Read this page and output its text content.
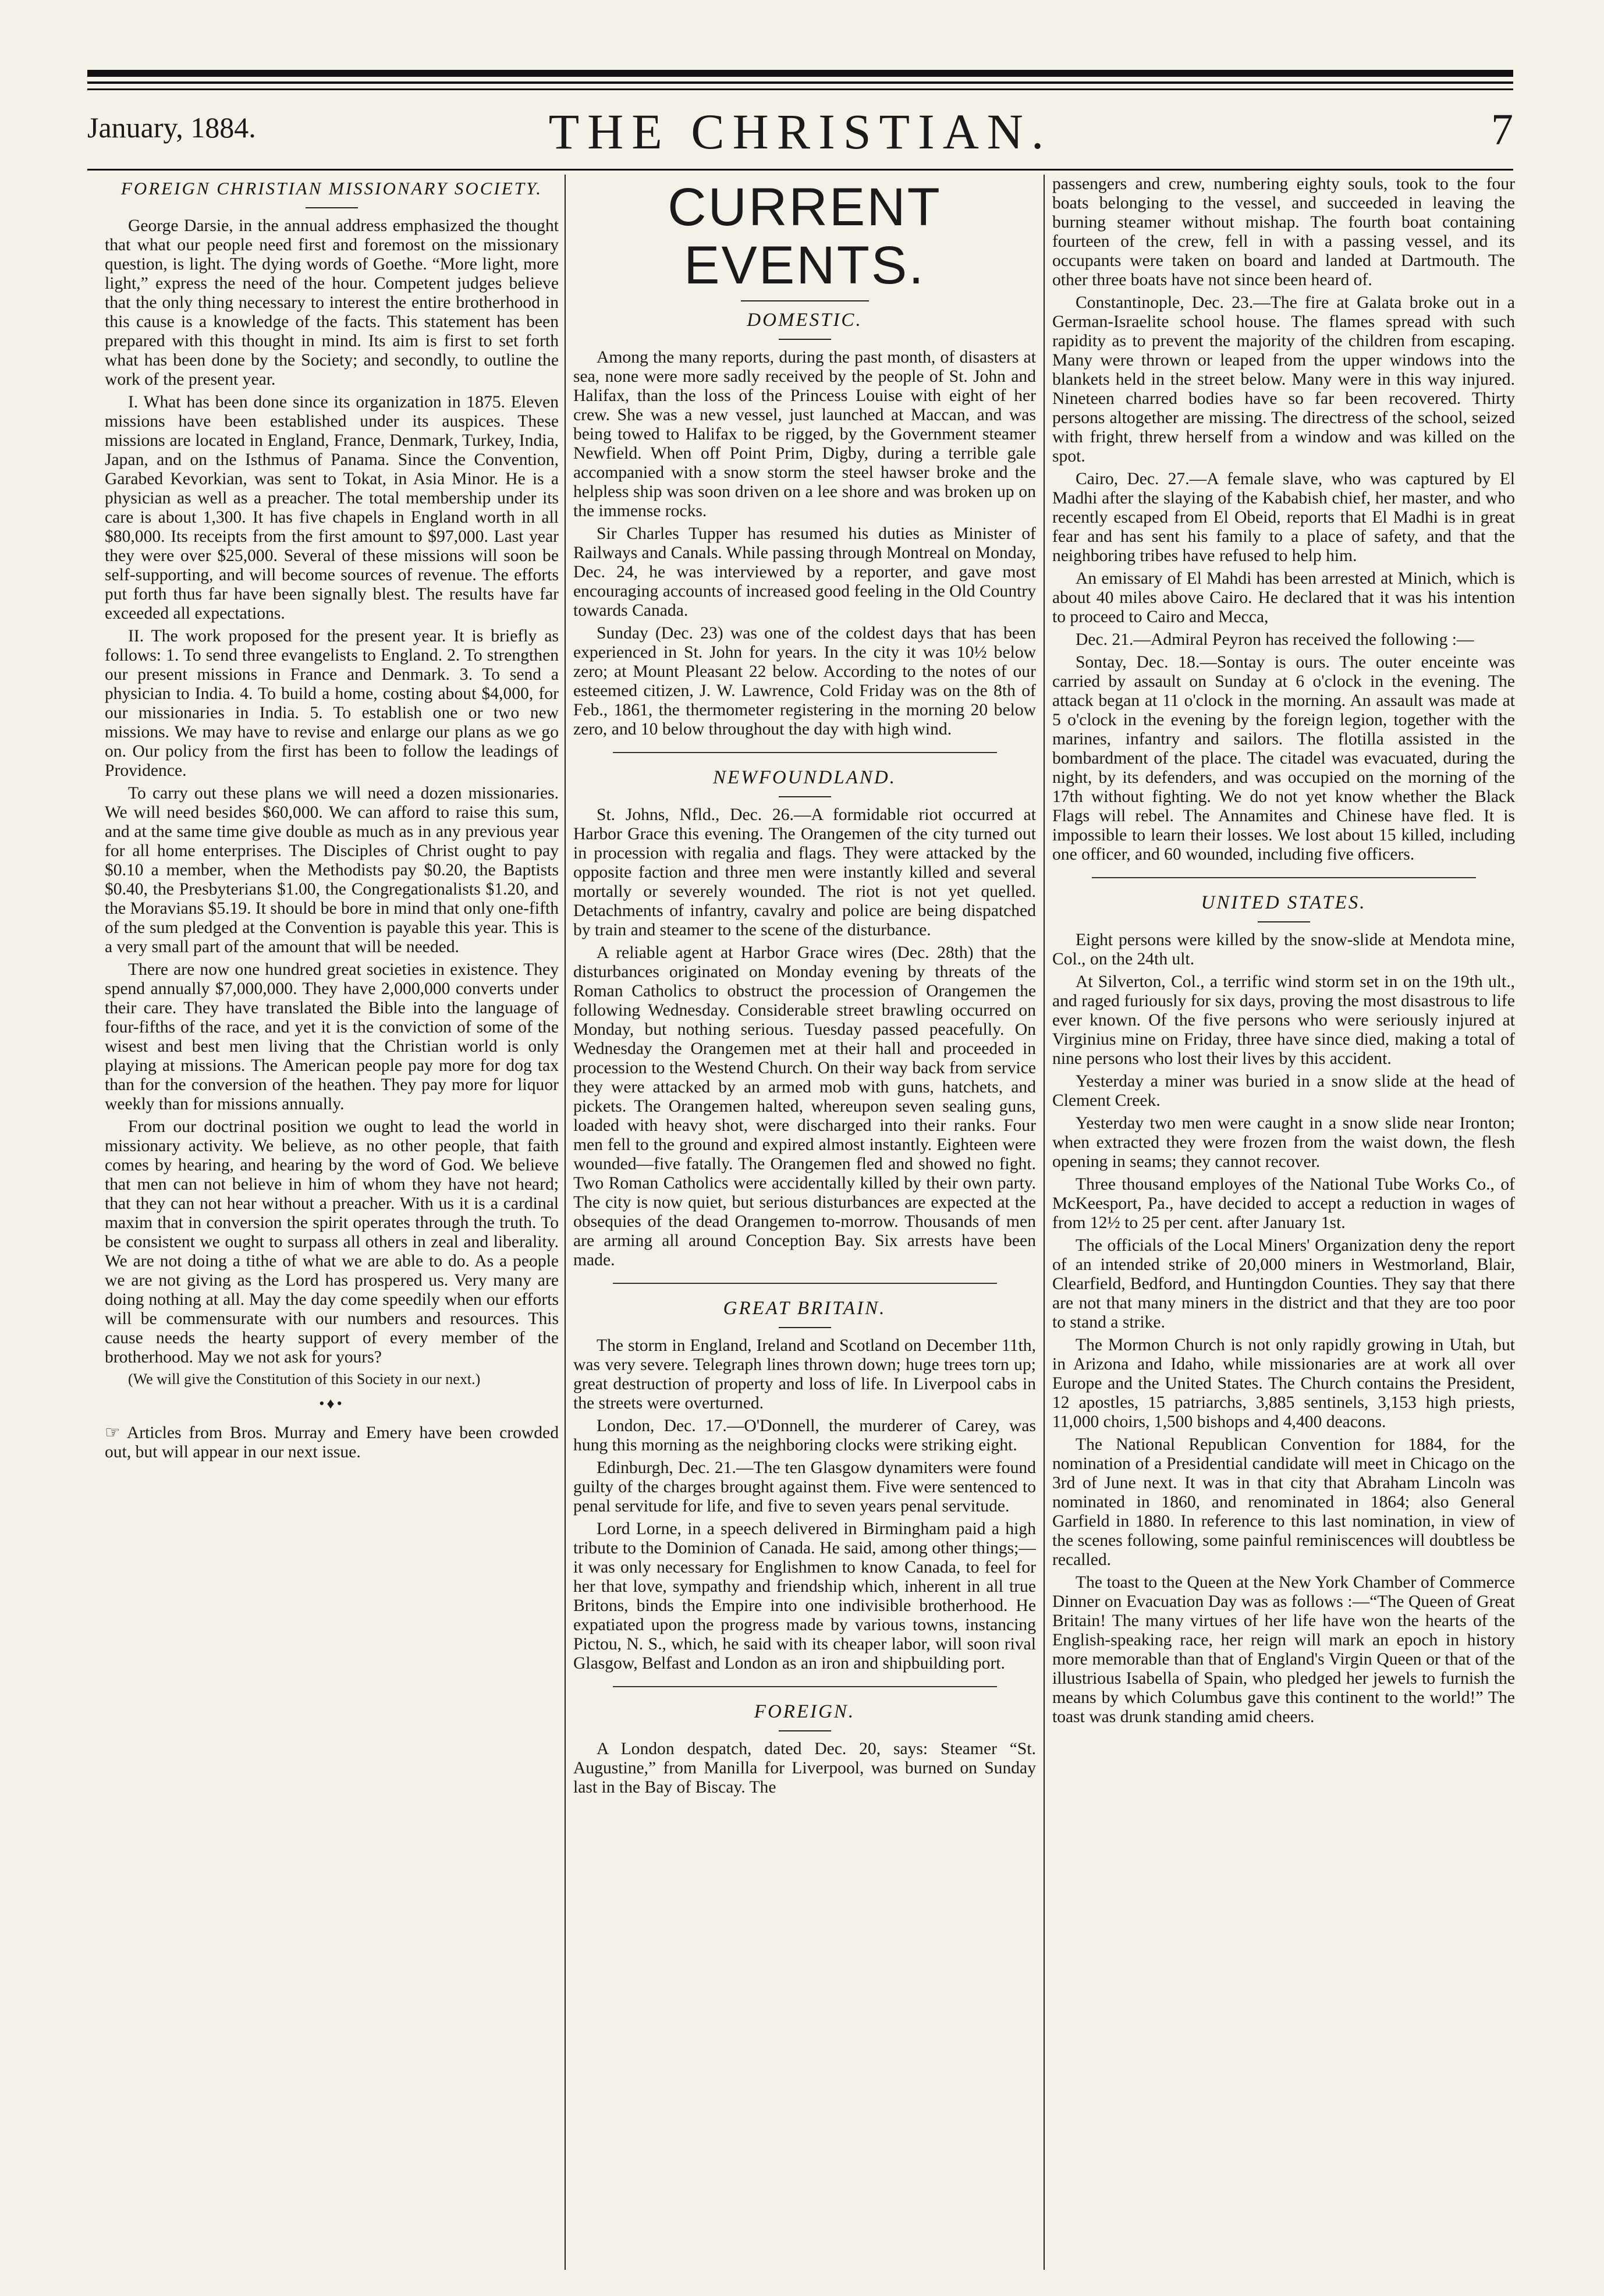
January, 1884.	THE CHRISTIAN.	7
FOREIGN CHRISTIAN MISSIONARY SOCIETY.

George Darsie, in the annual address emphasized the thought that what our people need first and foremost on the missionary question, is light. The dying words of Goethe. “More light, more light,” express the need of the hour. Competent judges believe that the only thing necessary to interest the entire brotherhood in this cause is a knowledge of the facts. This statement has been prepared with this thought in mind. Its aim is first to set forth what has been done by the Society; and secondly, to outline the work of the present year.

I. What has been done since its organization in 1875. Eleven missions have been established under its auspices. These missions are located in England, France, Denmark, Turkey, India, Japan, and on the Isthmus of Panama. Since the Convention, Garabed Kevorkian, was sent to Tokat, in Asia Minor. He is a physician as well as a preacher. The total membership under its care is about 1,300. It has five chapels in England worth in all $80,000. Its receipts from the first amount to $97,000. Last year they were over $25,000. Several of these missions will soon be self-supporting, and will become sources of revenue. The efforts put forth thus far have been signally blest. The results have far exceeded all expectations.

II. The work proposed for the present year. It is briefly as follows: 1. To send three evangelists to England. 2. To strengthen our present missions in France and Denmark. 3. To send a physician to India. 4. To build a home, costing about $4,000, for our missionaries in India. 5. To establish one or two new missions. We may have to revise and enlarge our plans as we go on. Our policy from the first has been to follow the leadings of Providence.

To carry out these plans we will need a dozen missionaries. We will need besides $60,000. We can afford to raise this sum, and at the same time give double as much as in any previous year for all home enterprises. The Disciples of Christ ought to pay $0.10 a member, when the Methodists pay $0.20, the Baptists $0.40, the Presbyterians $1.00, the Congregationalists $1.20, and the Moravians $5.19. It should be bore in mind that only one-fifth of the sum pledged at the Convention is payable this year. This is a very small part of the amount that will be needed.

There are now one hundred great societies in existence. They spend annually $7,000,000. They have 2,000,000 converts under their care. They have translated the Bible into the language of four-fifths of the race, and yet it is the conviction of some of the wisest and best men living that the Christian world is only playing at missions. The American people pay more for dog tax than for the conversion of the heathen. They pay more for liquor weekly than for missions annually.

From our doctrinal position we ought to lead the world in missionary activity. We believe, as no other people, that faith comes by hearing, and hearing by the word of God. We believe that men can not believe in him of whom they have not heard; that they can not hear without a preacher. With us it is a cardinal maxim that in conversion the spirit operates through the truth. To be consistent we ought to surpass all others in zeal and liberality. We are not doing a tithe of what we are able to do. As a people we are not giving as the Lord has prospered us. Very many are doing nothing at all. May the day come speedily when our efforts will be commensurate with our numbers and resources. This cause needs the hearty support of every member of the brotherhood. May we not ask for yours?

(We will give the Constitution of this Society in our next.)

•♦•

☞ Articles from Bros. Murray and Emery have been crowded out, but will appear in our next issue.

CURRENT EVENTS.
DOMESTIC.

Among the many reports, during the past month, of disasters at sea, none were more sadly received by the people of St. John and Halifax, than the loss of the Princess Louise with eight of her crew. She was a new vessel, just launched at Maccan, and was being towed to Halifax to be rigged, by the Government steamer Newfield. When off Point Prim, Digby, during a terrible gale accompanied with a snow storm the steel hawser broke and the helpless ship was soon driven on a lee shore and was broken up on the immense rocks.

Sir Charles Tupper has resumed his duties as Minister of Railways and Canals. While passing through Montreal on Monday, Dec. 24, he was interviewed by a reporter, and gave most encouraging accounts of increased good feeling in the Old Country towards Canada.

Sunday (Dec. 23) was one of the coldest days that has been experienced in St. John for years. In the city it was 10½ below zero; at Mount Pleasant 22 below. According to the notes of our esteemed citizen, J. W. Lawrence, Cold Friday was on the 8th of Feb., 1861, the thermometer registering in the morning 20 below zero, and 10 below throughout the day with high wind.

NEWFOUNDLAND.

St. Johns, Nfld., Dec. 26.—A formidable riot occurred at Harbor Grace this evening. The Orangemen of the city turned out in procession with regalia and flags. They were attacked by the opposite faction and three men were instantly killed and several mortally or severely wounded. The riot is not yet quelled. Detachments of infantry, cavalry and police are being dispatched by train and steamer to the scene of the disturbance.

A reliable agent at Harbor Grace wires (Dec. 28th) that the disturbances originated on Monday evening by threats of the Roman Catholics to obstruct the procession of Orangemen the following Wednesday. Considerable street brawling occurred on Monday, but nothing serious. Tuesday passed peacefully. On Wednesday the Orangemen met at their hall and proceeded in procession to the Westend Church. On their way back from service they were attacked by an armed mob with guns, hatchets, and pickets. The Orangemen halted, whereupon seven sealing guns, loaded with heavy shot, were discharged into their ranks. Four men fell to the ground and expired almost instantly. Eighteen were wounded—five fatally. The Orangemen fled and showed no fight. Two Roman Catholics were accidentally killed by their own party. The city is now quiet, but serious disturbances are expected at the obsequies of the dead Orangemen to-morrow. Thousands of men are arming all around Conception Bay. Six arrests have been made.

GREAT BRITAIN.

The storm in England, Ireland and Scotland on December 11th, was very severe. Telegraph lines thrown down; huge trees torn up; great destruction of property and loss of life. In Liverpool cabs in the streets were overturned.

London, Dec. 17.—O'Donnell, the murderer of Carey, was hung this morning as the neighboring clocks were striking eight.

Edinburgh, Dec. 21.—The ten Glasgow dynamiters were found guilty of the charges brought against them. Five were sentenced to penal servitude for life, and five to seven years penal servitude.

Lord Lorne, in a speech delivered in Birmingham paid a high tribute to the Dominion of Canada. He said, among other things;—it was only necessary for Englishmen to know Canada, to feel for her that love, sympathy and friendship which, inherent in all true Britons, binds the Empire into one indivisible brotherhood. He expatiated upon the progress made by various towns, instancing Pictou, N. S., which, he said with its cheaper labor, will soon rival Glasgow, Belfast and London as an iron and shipbuilding port.

FOREIGN.

A London despatch, dated Dec. 20, says: Steamer “St. Augustine,” from Manilla for Liverpool, was burned on Sunday last in the Bay of Biscay. The

passengers and crew, numbering eighty souls, took to the four boats belonging to the vessel, and succeeded in leaving the burning steamer without mishap. The fourth boat containing fourteen of the crew, fell in with a passing vessel, and its occupants were taken on board and landed at Dartmouth. The other three boats have not since been heard of.

Constantinople, Dec. 23.—The fire at Galata broke out in a German-Israelite school house. The flames spread with such rapidity as to prevent the majority of the children from escaping. Many were thrown or leaped from the upper windows into the blankets held in the street below. Many were in this way injured. Nineteen charred bodies have so far been recovered. Thirty persons altogether are missing. The directress of the school, seized with fright, threw herself from a window and was killed on the spot.

Cairo, Dec. 27.—A female slave, who was captured by El Madhi after the slaying of the Kababish chief, her master, and who recently escaped from El Obeid, reports that El Madhi is in great fear and has sent his family to a place of safety, and that the neighboring tribes have refused to help him.

An emissary of El Mahdi has been arrested at Minich, which is about 40 miles above Cairo. He declared that it was his intention to proceed to Cairo and Mecca,

Dec. 21.—Admiral Peyron has received the following :—

Sontay, Dec. 18.—Sontay is ours. The outer enceinte was carried by assault on Sunday at 6 o'clock in the evening. The attack began at 11 o'clock in the morning. An assault was made at 5 o'clock in the evening by the foreign legion, together with the marines, infantry and sailors. The flotilla assisted in the bombardment of the place. The citadel was evacuated, during the night, by its defenders, and was occupied on the morning of the 17th without fighting. We do not yet know whether the Black Flags will rebel. The Annamites and Chinese have fled. It is impossible to learn their losses. We lost about 15 killed, including one officer, and 60 wounded, including five officers.

UNITED STATES.

Eight persons were killed by the snow-slide at Mendota mine, Col., on the 24th ult.

At Silverton, Col., a terrific wind storm set in on the 19th ult., and raged furiously for six days, proving the most disastrous to life ever known. Of the five persons who were seriously injured at Virginius mine on Friday, three have since died, making a total of nine persons who lost their lives by this accident.

Yesterday a miner was buried in a snow slide at the head of Clement Creek.

Yesterday two men were caught in a snow slide near Ironton; when extracted they were frozen from the waist down, the flesh opening in seams; they cannot recover.

Three thousand employes of the National Tube Works Co., of McKeesport, Pa., have decided to accept a reduction in wages of from 12½ to 25 per cent. after January 1st.

The officials of the Local Miners' Organization deny the report of an intended strike of 20,000 miners in Westmorland, Blair, Clearfield, Bedford, and Huntingdon Counties. They say that there are not that many miners in the district and that they are too poor to stand a strike.

The Mormon Church is not only rapidly growing in Utah, but in Arizona and Idaho, while missionaries are at work all over Europe and the United States. The Church contains the President, 12 apostles, 15 patriarchs, 3,885 sentinels, 3,153 high priests, 11,000 choirs, 1,500 bishops and 4,400 deacons.

The National Republican Convention for 1884, for the nomination of a Presidential candidate will meet in Chicago on the 3rd of June next. It was in that city that Abraham Lincoln was nominated in 1860, and renominated in 1864; also General Garfield in 1880. In reference to this last nomination, in view of the scenes following, some painful reminiscences will doubtless be recalled.

The toast to the Queen at the New York Chamber of Commerce Dinner on Evacuation Day was as follows :—“The Queen of Great Britain! The many virtues of her life have won the hearts of the English-speaking race, her reign will mark an epoch in history more memorable than that of England's Virgin Queen or that of the illustrious Isabella of Spain, who pledged her jewels to furnish the means by which Columbus gave this continent to the world!” The toast was drunk standing amid cheers.
